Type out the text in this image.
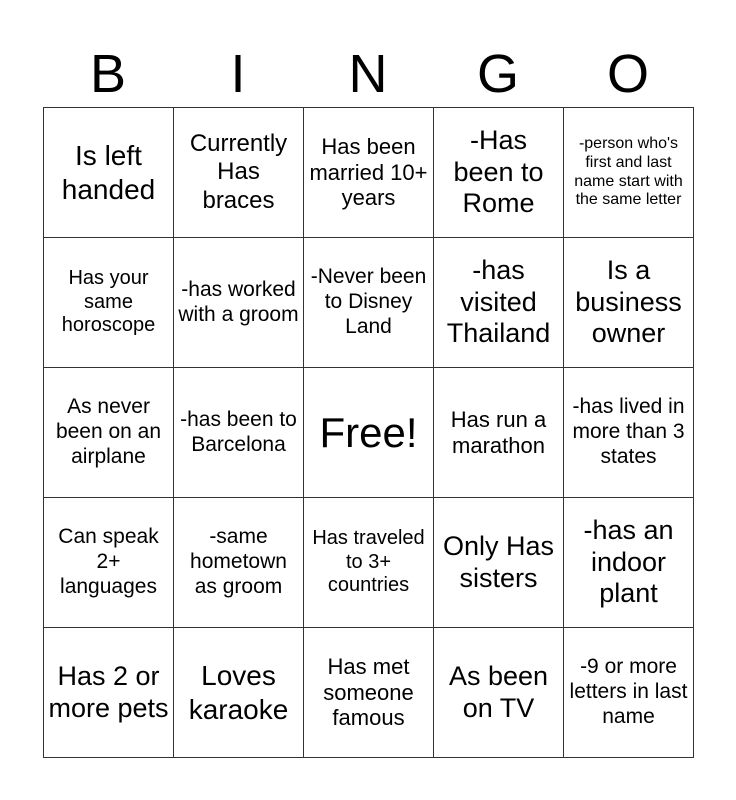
B	I	N	G	O
Is left handed	Currently Has braces	Has been married 10+ years	-Has been to Rome	-person who's first and last name start with the same letter
Has your same horoscope	-has worked with a groom	-Never been to Disney Land	-has visited Thailand	Is a business owner
As never been on an airplane	-has been to Barcelona	Free!	Has run a marathon	-has lived in more than 3 states
Can speak 2+ languages	-same hometown as groom	Has traveled to 3+ countries	Only Has sisters	-has an indoor plant
Has 2 or more pets	Loves karaoke	Has met someone famous	As been on TV	-9 or more letters in last name
